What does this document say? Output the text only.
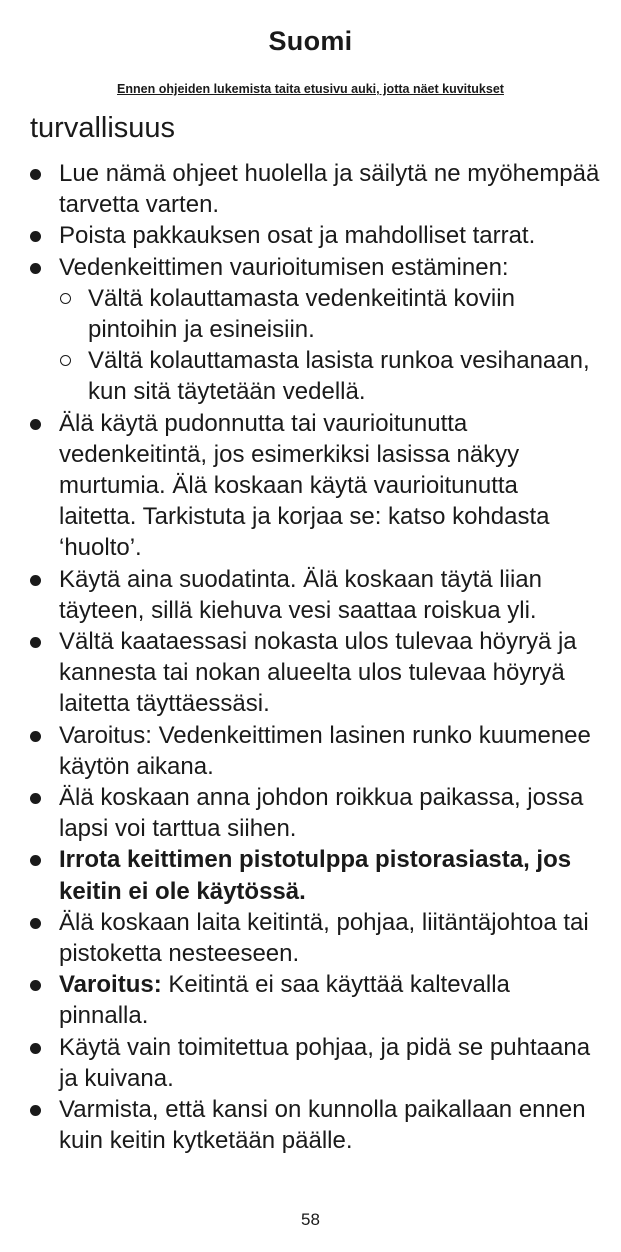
Suomi
Ennen ohjeiden lukemista taita etusivu auki, jotta näet kuvitukset
turvallisuus
Lue nämä ohjeet huolella ja säilytä ne myöhempää tarvetta varten.
Poista pakkauksen osat ja mahdolliset tarrat.
Vedenkeittimen vaurioitumisen estäminen:
Vältä kolauttamasta vedenkeitintä koviin pintoihin ja esineisiin.
Vältä kolauttamasta lasista runkoa vesihanaan, kun sitä täytetään vedellä.
Älä käytä pudonnutta tai vaurioitunutta vedenkeitintä, jos esimerkiksi lasissa näkyy murtumia. Älä koskaan käytä vaurioitunutta laitetta. Tarkistuta ja korjaa se: katso kohdasta ‘huolto’.
Käytä aina suodatinta. Älä koskaan täytä liian täyteen, sillä kiehuva vesi saattaa roiskua yli.
Vältä kaataessasi nokasta ulos tulevaa höyryä ja kannesta tai nokan alueelta ulos tulevaa höyryä laitetta täyttäessäsi.
Varoitus: Vedenkeittimen lasinen runko kuumenee käytön aikana.
Älä koskaan anna johdon roikkua paikassa, jossa lapsi voi tarttua siihen.
Irrota keittimen pistotulppa pistorasiasta, jos keitin ei ole käytössä.
Älä koskaan laita keitintä, pohjaa, liitäntäjohtoa tai pistoketta nesteeseen.
Varoitus: Keitintä ei saa käyttää kaltevalla pinnalla.
Käytä vain toimitettua pohjaa, ja pidä se puhtaana ja kuivana.
Varmista, että kansi on kunnolla paikallaan ennen kuin keitin kytketään päälle.
58
